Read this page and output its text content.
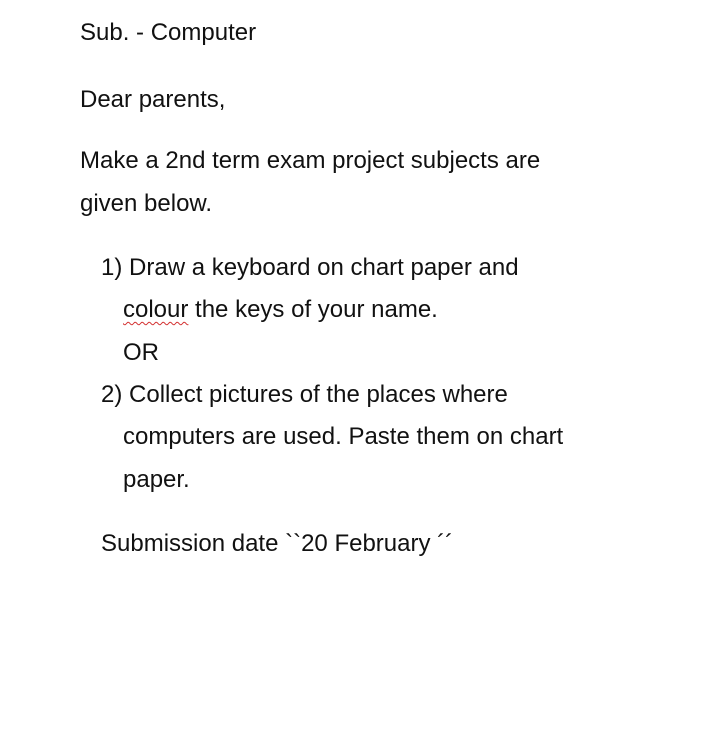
Sub. - Computer
Dear parents,
Make a 2nd term exam project subjects are
given below.
1) Draw a keyboard on chart paper and
colour the keys of your name.
OR
2) Collect pictures of the places where
computers are used. Paste them on chart
paper.
Submission date ``20 February ´´
